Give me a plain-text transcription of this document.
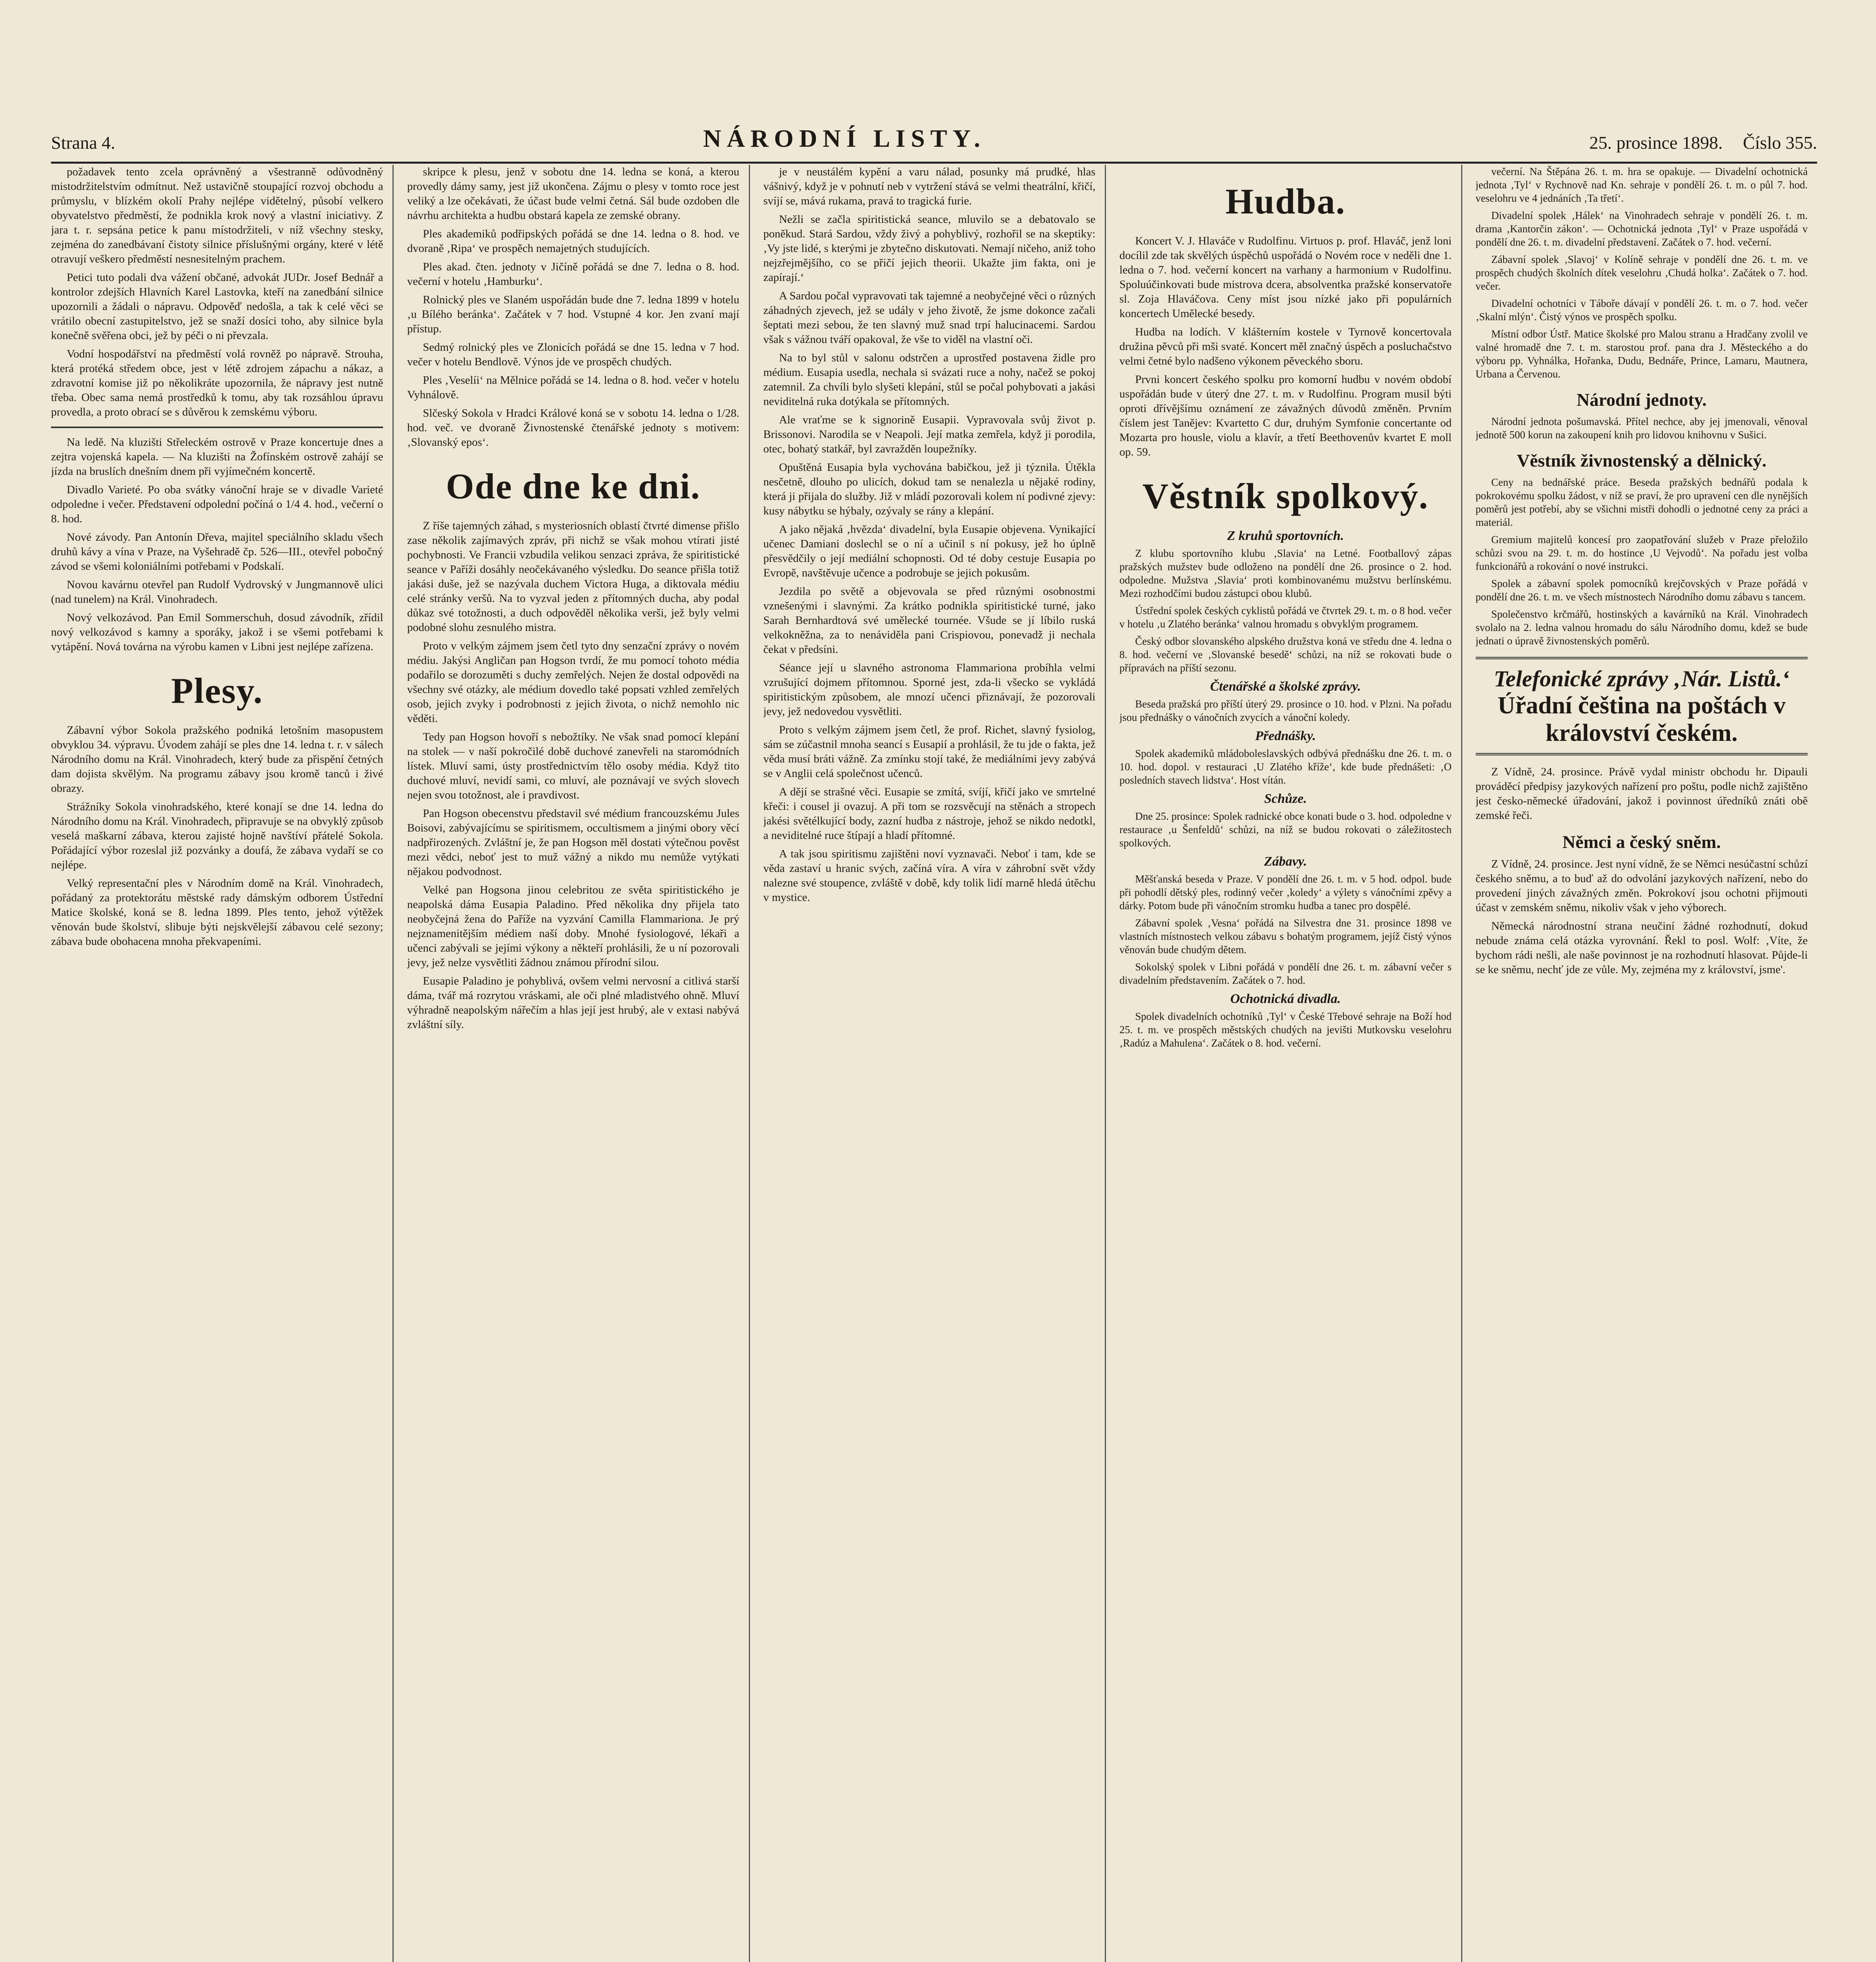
Strana 4.	NÁRODNÍ LISTY.	25. prosince 1898. Číslo 355.

požadavek tento zcela oprávněný a všestranně odůvodněný mistodržitelstvím odmítnut. Než ustavičně stoupající rozvoj obchodu a průmyslu, v blízkém okolí Prahy nejlépe vidětelný, působí velkero obyvatelstvo předměstí, že podnikla krok nový a vlastní iniciativy. Z jara t. r. sepsána petice k panu místodržiteli, v níž všechny stesky, zejména do zanedbávaní čistoty silnice příslušnými orgány, které v létě otravují veškero předměstí nesnesitelným prachem.

Petici tuto podali dva vážení občané, advokát JUDr. Josef Bednář a kontrolor zdejších Hlavních Karel Lastovka, kteří na zanedbání silnice upozornili a žádali o nápravu. Odpověď nedošla, a tak k celé věci se vrátilo obecní zastupitelstvo, jež se snaží dosíci toho, aby silnice byla konečně svěřena obci, jež by péči o ni převzala.

Vodní hospodářství na předměstí volá rovněž po nápravě. Strouha, která protéká středem obce, jest v létě zdrojem zápachu a nákaz, a zdravotní komise již po několikráte upozornila, že nápravy jest nutně třeba. Obec sama nemá prostředků k tomu, aby tak rozsáhlou úpravu provedla, a proto obrací se s důvěrou k zemskému výboru.

Na ledě. Na kluzišti Střeleckém ostrově v Praze koncertuje dnes a zejtra vojenská kapela. — Na kluzišti na Žofínském ostrově zahájí se jízda na bruslích dnešním dnem při vyjímečném koncertě.

Divadlo Varieté. Po oba svátky vánoční hraje se v divadle Varieté odpoledne i večer. Představení odpolední počíná o 1/4 4. hod., večerní o 8. hod.

Nové závody. Pan Antonín Dřeva, majitel speciálního skladu všech druhů kávy a vína v Praze, na Vyšehradě čp. 526—III., otevřel pobočný závod se všemi koloniálními potřebami v Podskalí.

Novou kavárnu otevřel pan Rudolf Vydrovský v Jungmannově ulici (nad tunelem) na Král. Vinohradech.

Nový velkozávod. Pan Emil Sommerschuh, dosud závodník, zřídil nový velkozávod s kamny a sporáky, jakož i se všemi potřebami k vytápění. Nová továrna na výrobu kamen v Libni jest nejlépe zařízena.

Plesy.

Zábavní výbor Sokola pražského podniká letošním masopustem obvyklou 34. výpravu. Úvodem zahájí se ples dne 14. ledna t. r. v sálech Národního domu na Král. Vinohradech, který bude za přispění četných dam dojista skvělým. Na programu zábavy jsou kromě tanců i živé obrazy.

Strážníky Sokola vinohradského, které konají se dne 14. ledna do Národního domu na Král. Vinohradech, připravuje se na obvyklý způsob veselá maškarní zábava, kterou zajisté hojně navštíví přátelé Sokola. Pořádající výbor rozeslal již pozvánky a doufá, že zábava vydaří se co nejlépe.

Velký representační ples v Národním domě na Král. Vinohradech, pořádaný za protektorátu městské rady dámským odborem Ústřední Matice školské, koná se 8. ledna 1899. Ples tento, jehož výtěžek věnován bude školství, slibuje býti nejskvělejší zábavou celé sezony; zábava bude obohacena mnoha překvapeními.

skripce k plesu, jenž v sobotu dne 14. ledna se koná, a kterou provedly dámy samy, jest již ukončena. Zájmu o plesy v tomto roce jest veliký a lze očekávati, že účast bude velmi četná. Sál bude ozdoben dle návrhu architekta a hudbu obstará kapela ze zemské obrany.

Ples akademiků podřipských pořádá se dne 14. ledna o 8. hod. ve dvoraně ‚Ripa‘ ve prospěch nemajetných studujících.

Ples akad. čten. jednoty v Jičíně pořádá se dne 7. ledna o 8. hod. večerní v hotelu ‚Hamburku‘.

Rolnický ples ve Slaném uspořádán bude dne 7. ledna 1899 v hotelu ‚u Bílého beránka‘. Začátek v 7 hod. Vstupné 4 kor. Jen zvaní mají přístup.

Sedmý rolnický ples ve Zlonicích pořádá se dne 15. ledna v 7 hod. večer v hotelu Bendlově. Výnos jde ve prospěch chudých.

Ples ‚Veselíi‘ na Mělnice pořádá se 14. ledna o 8. hod. večer v hotelu Vyhnálově.

Slčeský Sokola v Hradci Králové koná se v sobotu 14. ledna o 1/28. hod. več. ve dvoraně Živnostenské čtenářské jednoty s motivem: ‚Slovanský epos‘.

Ode dne ke dni.

Z říše tajemných záhad, s mysteriosních oblastí čtvrté dimense přišlo zase několik zajímavých zpráv, při nichž se však mohou vtírati jisté pochybnosti. Ve Francii vzbudila velikou senzaci zpráva, že spiritistické seance v Paříži dosáhly neočekávaného výsledku. Do seance přišla totiž jakási duše, jež se nazývala duchem Victora Huga, a diktovala médiu celé stránky veršů. Na to vyzval jeden z přítomných ducha, aby podal důkaz své totožnosti, a duch odpověděl několika verši, jež byly velmi podobné slohu zesnulého mistra.

Proto v velkým zájmem jsem četl tyto dny senzační zprávy o novém médiu. Jakýsi Angličan pan Hogson tvrdí, že mu pomocí tohoto média podařilo se dorozuměti s duchy zemřelých. Nejen že dostal odpovědi na všechny své otázky, ale médium dovedlo také popsati vzhled zemřelých osob, jejich zvyky i podrobnosti z jejich života, o nichž nemohlo nic věděti.

Tedy pan Hogson hovoří s nebožtíky. Ne však snad pomocí klepání na stolek — v naší pokročilé době duchové zanevřeli na staromódních lístek. Mluví sami, ústy prostřednictvím tělo osoby média. Když tito duchové mluví, nevidí sami, co mluví, ale poznávají ve svých slovech nejen svou totožnost, ale i pravdivost.

Pan Hogson obecenstvu představil své médium francouzskému Jules Boisovi, zabývajícímu se spiritismem, occultismem a jinými obory věcí nadpřirozených. Zvláštní je, že pan Hogson měl dostati výtečnou pověst mezi vědci, neboť jest to muž vážný a nikdo mu nemůže vytýkati nějakou podvodnost.

Velké pan Hogsona jinou celebritou ze světa spiritistického je neapolská dáma Eusapia Paladino. Před několika dny přijela tato neobyčejná žena do Paříže na vyzvání Camilla Flammariona. Je prý nejznamenitějším médiem naší doby. Mnohé fysiologové, lékaři a učenci zabývali se jejími výkony a někteří prohlásili, že u ní pozorovali jevy, jež nelze vysvětliti žádnou známou přírodní silou.

Eusapie Paladino je pohyblivá, ovšem velmi nervosní a citlivá starší dáma, tvář má rozrytou vráskami, ale oči plné mladistvého ohně. Mluví výhradně neapolským nářečím a hlas její jest hrubý, ale v extasi nabývá zvláštní síly.

je v neustálém kypění a varu nálad, posunky má prudké, hlas vášnivý, když je v pohnutí neb v vytržení stává se velmi theatrální, křičí, svíjí se, mává rukama, pravá to tragická furie.

Nežli se začla spiritistická seance, mluvilo se a debatovalo se poněkud. Stará Sardou, vždy živý a pohyblivý, rozhořil se na skeptiky: ‚Vy jste lidé, s kterými je zbytečno diskutovati. Nemají ničeho, aniž toho nejzřejmějšího, co se přičí jejich theorii. Ukažte jim fakta, oni je zapírají.‘

A Sardou počal vypravovati tak tajemné a neobyčejné věci o různých záhadných zjevech, jež se udály v jeho životě, že jsme dokonce začali šeptati mezi sebou, že ten slavný muž snad trpí halucinacemi. Sardou však s vážnou tváří opakoval, že vše to viděl na vlastní oči.

Na to byl stůl v salonu odstrčen a uprostřed postavena židle pro médium. Eusapia usedla, nechala si svázati ruce a nohy, načež se pokoj zatemnil. Za chvíli bylo slyšeti klepání, stůl se počal pohybovati a jakási neviditelná ruka dotýkala se přítomných.

Ale vraťme se k signorině Eusapii. Vypravovala svůj život p. Brissonovi. Narodila se v Neapoli. Její matka zemřela, když ji porodila, otec, bohatý statkář, byl zavražděn loupežníky.

Opuštěná Eusapia byla vychována babičkou, jež ji týznila. Útěkla nesčetně, dlouho po ulicích, dokud tam se nenalezla u nějaké rodiny, která ji přijala do služby. Již v mládí pozorovali kolem ní podivné zjevy: kusy nábytku se hýbaly, ozývaly se rány a klepání.

A jako nějaká ‚hvězda‘ divadelní, byla Eusapie objevena. Vynikající učenec Damiani doslechl se o ní a učinil s ní pokusy, jež ho úplně přesvědčily o její mediální schopnosti. Od té doby cestuje Eusapia po Evropě, navštěvuje učence a podrobuje se jejich pokusům.

Jezdila po světě a objevovala se před různými osobnostmi vznešenými i slavnými. Za krátko podnikla spiritistické turné, jako Sarah Bernhardtová své umělecké tournée. Všude se jí líbilo ruská velkokněžna, za to nenáviděla pani Crispiovou, ponevadž ji nechala čekat v předsíni.

Séance její u slavného astronoma Flammariona probíhla velmi vzrušující dojmem přítomnou. Sporné jest, zda-li všecko se vykládá spiritistickým způsobem, ale mnozí učenci přiznávají, že pozorovali jevy, jež nedovedou vysvětliti.

Proto s velkým zájmem jsem četl, že prof. Richet, slavný fysiolog, sám se zúčastnil mnoha seancí s Eusapií a prohlásil, že tu jde o fakta, jež věda musí bráti vážně. Za zmínku stojí také, že mediálními jevy zabývá se v Anglii celá společnost učenců.

A dějí se strašné věci. Eusapie se zmítá, svíjí, křičí jako ve smrtelné křeči: i cousel ji ovazuj. A při tom se rozsvěcují na stěnách a stropech jakési světélkující body, zazní hudba z nástroje, jehož se nikdo nedotkl, a neviditelné ruce štípají a hladí přítomné.

A tak jsou spiritismu zajištěni noví vyznavači. Neboť i tam, kde se věda zastaví u hranic svých, začíná víra. A víra v záhrobní svět vždy nalezne své stoupence, zvláště v době, kdy tolik lidí marně hledá útěchu v mystice.

Hudba.

Koncert V. J. Hlaváče v Rudolfinu. Virtuos p. prof. Hlaváč, jenž loni docílil zde tak skvělých úspěchů uspořádá o Novém roce v neděli dne 1. ledna o 7. hod. večerní koncert na varhany a harmonium v Rudolfinu. Spoluúčinkovati bude mistrova dcera, absolventka pražské konservatoře sl. Zoja Hlaváčova. Ceny míst jsou nízké jako při populárních koncertech Umělecké besedy.

Hudba na lodích. V klášterním kostele v Tyrnově koncertovala družina pěvců při mši svaté. Koncert měl značný úspěch a posluchačstvo velmi četné bylo nadšeno výkonem pěveckého sboru.

Prvni koncert českého spolku pro komorní hudbu v novém období uspořádán bude v úterý dne 27. t. m. v Rudolfinu. Program musil býti oproti dřívějšímu oznámení ze závažných důvodů změněn. Prvním číslem jest Tanějev: Kvartetto C dur, druhým Symfonie concertante od Mozarta pro housle, violu a klavír, a třetí Beethovenův kvartet E moll op. 59.

Věstník spolkový.
Z kruhů sportovních.

Z klubu sportovního klubu ‚Slavia‘ na Letné. Footballový zápas pražských mužstev bude odloženo na pondělí dne 26. prosince o 2. hod. odpoledne. Mužstva ‚Slavia‘ proti kombinovanému mužstvu berlínskému. Mezi rozhodčími budou zástupci obou klubů.

Ústřední spolek českých cyklistů pořádá ve čtvrtek 29. t. m. o 8 hod. večer v hotelu ‚u Zlatého beránka‘ valnou hromadu s obvyklým programem.

Český odbor slovanského alpského družstva koná ve středu dne 4. ledna o 8. hod. večerní ve ‚Slovanské besedě‘ schůzi, na níž se rokovati bude o přípravách na příští sezonu.

Čtenářské a školské zprávy.

Beseda pražská pro příští úterý 29. prosince o 10. hod. v Plzni. Na pořadu jsou přednášky o vánočních zvycích a vánoční koledy.

Přednášky.

Spolek akademiků mládoboleslavských odbývá přednášku dne 26. t. m. o 10. hod. dopol. v restauraci ‚U Zlatého kříže‘, kde bude přednášeti: ‚O posledních stavech lidstva‘. Host vítán.

Schůze.

Dne 25. prosince: Spolek radnické obce konati bude o 3. hod. odpoledne v restaurace ‚u Šenfeldů‘ schůzi, na níž se budou rokovati o záležitostech spolkových.

Zábavy.

Měšťanská beseda v Praze. V pondělí dne 26. t. m. v 5 hod. odpol. bude při pohodlí dětský ples, rodinný večer ‚koledy‘ a výlety s vánočními zpěvy a dárky. Potom bude při vánočním stromku hudba a tanec pro dospělé.

Zábavní spolek ‚Vesna‘ pořádá na Silvestra dne 31. prosince 1898 ve vlastních místnostech velkou zábavu s bohatým programem, jejíž čistý výnos věnován bude chudým dětem.

Sokolský spolek v Libni pořádá v pondělí dne 26. t. m. zábavní večer s divadelním představením. Začátek o 7. hod.

Ochotnická divadla.

Spolek divadelních ochotníků ‚Tyl‘ v České Třebové sehraje na Boží hod 25. t. m. ve prospěch městských chudých na jevišti Mutkovsku veselohru ‚Radúz a Mahulena‘. Začátek o 8. hod. večerní.

večerní. Na Štěpána 26. t. m. hra se opakuje. — Divadelní ochotnická jednota ‚Tyl‘ v Rychnově nad Kn. sehraje v pondělí 26. t. m. o půl 7. hod. veselohru ve 4 jednáních ‚Ta třetí‘.

Divadelní spolek ‚Hálek‘ na Vinohradech sehraje v pondělí 26. t. m. drama ‚Kantorčin zákon‘. — Ochotnická jednota ‚Tyl‘ v Praze uspořádá v pondělí dne 26. t. m. divadelní představení. Začátek o 7. hod. večerní.

Zábavní spolek ‚Slavoj‘ v Kolíně sehraje v pondělí dne 26. t. m. ve prospěch chudých školních dítek veselohru ‚Chudá holka‘. Začátek o 7. hod. večer.

Divadelní ochotníci v Táboře dávají v pondělí 26. t. m. o 7. hod. večer ‚Skalní mlýn‘. Čistý výnos ve prospěch spolku.

Místní odbor Ústř. Matice školské pro Malou stranu a Hradčany zvolil ve valné hromadě dne 7. t. m. starostou prof. pana dra J. Městeckého a do výboru pp. Vyhnálka, Hořanka, Dudu, Bednáře, Prince, Lamaru, Mautnera, Urbana a Červenou.

Národní jednoty.

Národní jednota pošumavská. Přítel nechce, aby jej jmenovali, věnoval jednotě 500 korun na zakoupení knih pro lidovou knihovnu v Sušici.

Věstník živnostenský a dělnický.

Ceny na bednářské práce. Beseda pražských bednářů podala k pokrokovému spolku žádost, v níž se praví, že pro upravení cen dle nynějších poměrů jest potřebí, aby se všichni mistři dohodli o jednotné ceny za práci a materiál.

Gremium majitelů koncesí pro zaopatřování služeb v Praze přeložilo schůzi svou na 29. t. m. do hostince ‚U Vejvodů‘. Na pořadu jest volba funkcionářů a rokování o nové instrukci.

Spolek a zábavní spolek pomocníků krejčovských v Praze pořádá v pondělí dne 26. t. m. ve všech místnostech Národního domu zábavu s tancem.

Společenstvo krčmářů, hostinských a kavárníků na Král. Vinohradech svolalo na 2. ledna valnou hromadu do sálu Národního domu, kdež se bude jednati o úpravě živnostenských poměrů.

Telefonické zprávy ‚Nár. Listů.‘
Úřadní čeština na poštách v království českém.

Z Vídně, 24. prosince. Právě vydal ministr obchodu hr. Dipauli prováděcí předpisy jazykových nařízení pro poštu, podle nichž zajištěno jest česko-německé úřadování, jakož i povinnost úředníků znáti obě zemské řeči.

Němci a český sněm.

Z Vídně, 24. prosince. Jest nyní vídně, že se Němci nesúčastní schůzí českého sněmu, a to buď až do odvolání jazykových nařízení, nebo do provedení jiných závažných změn. Pokrokoví jsou ochotni přijmouti účast v zemském sněmu, nikoliv však v jeho výborech.

Německá národnostní strana neučiní žádné rozhodnutí, dokud nebude známa celá otázka vyrovnání. Řekl to posl. Wolf: ‚Víte, že bychom rádi nešli, ale naše povinnost je na rozhodnutí hlasovat. Půjde-li se ke sněmu, nechť jde ze vůle. My, zejména my z království, jsme'.
